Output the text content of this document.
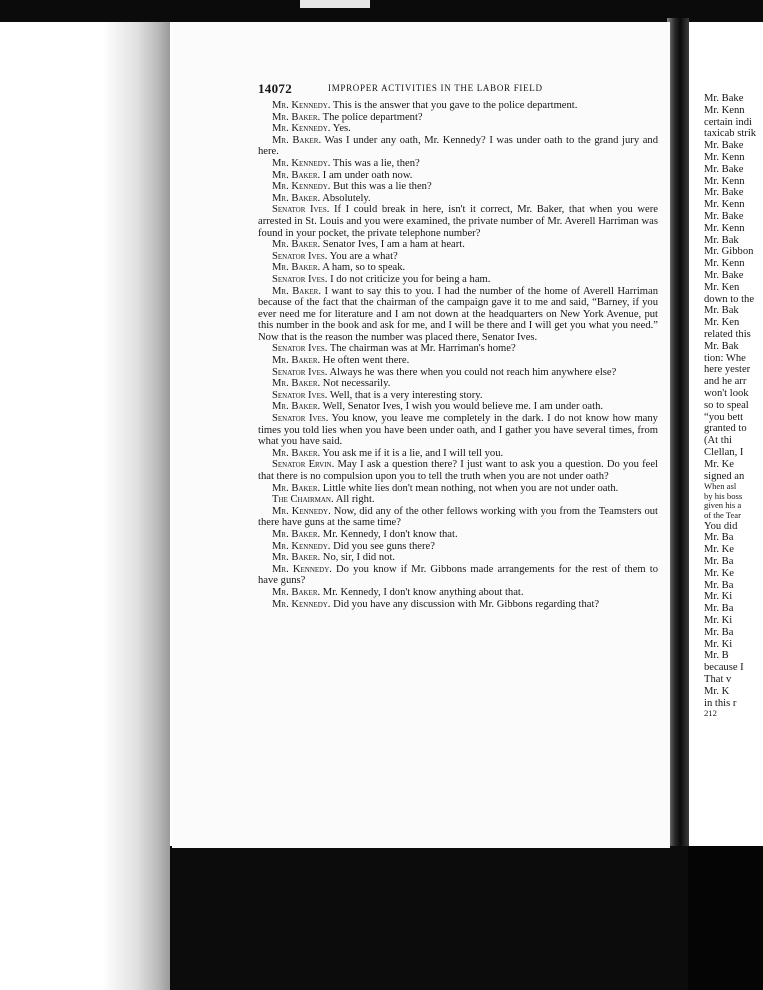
14072	IMPROPER ACTIVITIES IN THE LABOR FIELD

Mr. Kennedy. This is the answer that you gave to the police department.

Mr. Baker. The police department?

Mr. Kennedy. Yes.

Mr. Baker. Was I under any oath, Mr. Kennedy? I was under oath to the grand jury and here.

Mr. Kennedy. This was a lie, then?

Mr. Baker. I am under oath now.

Mr. Kennedy. But this was a lie then?

Mr. Baker. Absolutely.

Senator Ives. If I could break in here, isn't it correct, Mr. Baker, that when you were arrested in St. Louis and you were examined, the private number of Mr. Averell Harriman was found in your pocket, the private telephone number?

Mr. Baker. Senator Ives, I am a ham at heart.

Senator Ives. You are a what?

Mr. Baker. A ham, so to speak.

Senator Ives. I do not criticize you for being a ham.

Mr. Baker. I want to say this to you. I had the number of the home of Averell Harriman because of the fact that the chairman of the campaign gave it to me and said, “Barney, if you ever need me for literature and I am not down at the headquarters on New York Avenue, put this number in the book and ask for me, and I will be there and I will get you what you need.” Now that is the reason the number was placed there, Senator Ives.

Senator Ives. The chairman was at Mr. Harriman's home?

Mr. Baker. He often went there.

Senator Ives. Always he was there when you could not reach him anywhere else?

Mr. Baker. Not necessarily.

Senator Ives. Well, that is a very interesting story.

Mr. Baker. Well, Senator Ives, I wish you would believe me. I am under oath.

Senator Ives. You know, you leave me completely in the dark. I do not know how many times you told lies when you have been under oath, and I gather you have several times, from what you have said.

Mr. Baker. You ask me if it is a lie, and I will tell you.

Senator Ervin. May I ask a question there? I just want to ask you a question. Do you feel that there is no compulsion upon you to tell the truth when you are not under oath?

Mr. Baker. Little white lies don't mean nothing, not when you are not under oath.

The Chairman. All right.

Mr. Kennedy. Now, did any of the other fellows working with you from the Teamsters out there have guns at the same time?

Mr. Baker. Mr. Kennedy, I don't know that.

Mr. Kennedy. Did you see guns there?

Mr. Baker. No, sir, I did not.

Mr. Kennedy. Do you know if Mr. Gibbons made arrangements for the rest of them to have guns?

Mr. Baker. Mr. Kennedy, I don't know anything about that.

Mr. Kennedy. Did you have any discussion with Mr. Gibbons regarding that?

Mr. Bake
Mr. Kenn
certain indi
taxicab strik
Mr. Bake
Mr. Kenn
Mr. Bake
Mr. Kenn
Mr. Bake
Mr. Kenn
Mr. Bake
Mr. Kenn
Mr. Bak
Mr. Gibbon
Mr. Kenn
Mr. Bake
Mr. Ken
down to the
Mr. Bak
Mr. Ken
related this
Mr. Bak
tion: Whe
here yester
and he arr
won't look
so to speal
“you bett
granted to
(At thi
Clellan, I
Mr. Ke
signed an
When asl
by his boss
given his a
of the Tear
You did
Mr. Ba
Mr. Ke
Mr. Ba
Mr. Ke
Mr. Ba
Mr. Ki
Mr. Ba
Mr. Ki
Mr. Ba
Mr. Ki
Mr. B
because I
That v
Mr. K
in this r
212
